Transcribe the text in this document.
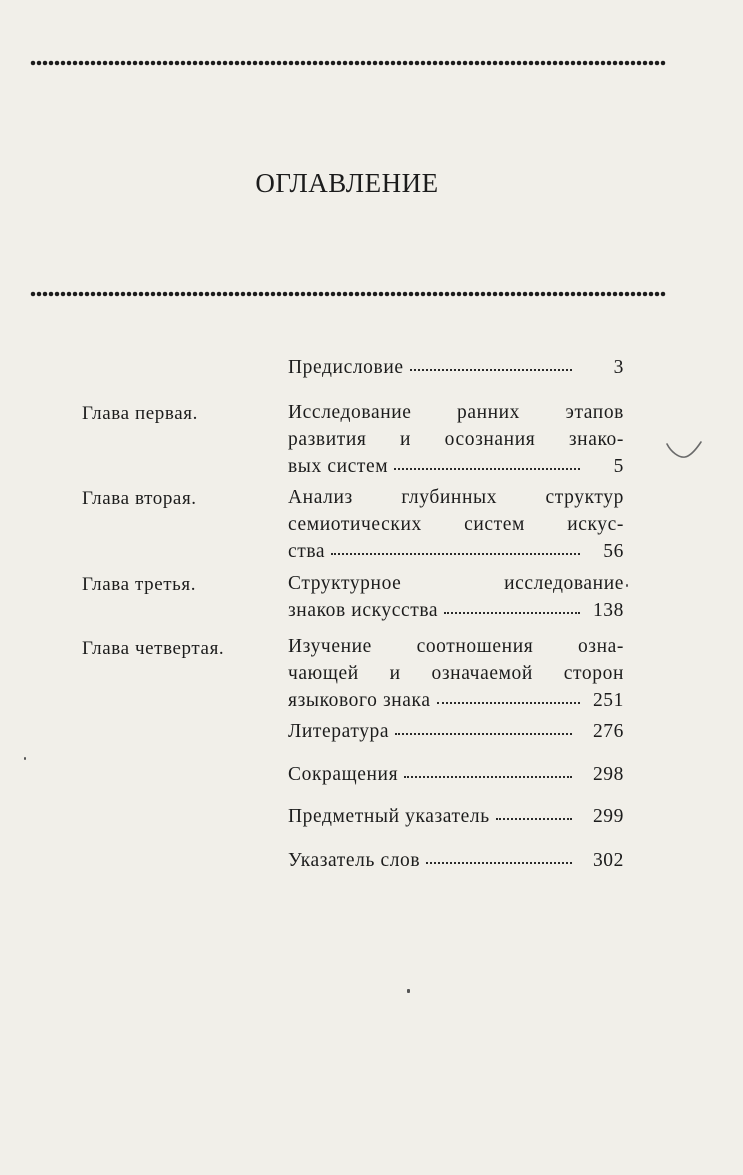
ОГЛАВЛЕНИЕ
Предисловие	3
Глава первая.	Исследование ранних этапов
развития и осознания знако-
вых систем	5
Глава вторая.	Анализ глубинных структур
семиотических систем искус-
ства	56
Глава третья.	Структурное исследование
знаков искусства	138
Глава четвертая.	Изучение соотношения озна-
чающей и означаемой сторон
языкового знака	251
Литература	276
Сокращения	298
Предметный указатель	299
Указатель слов	302
